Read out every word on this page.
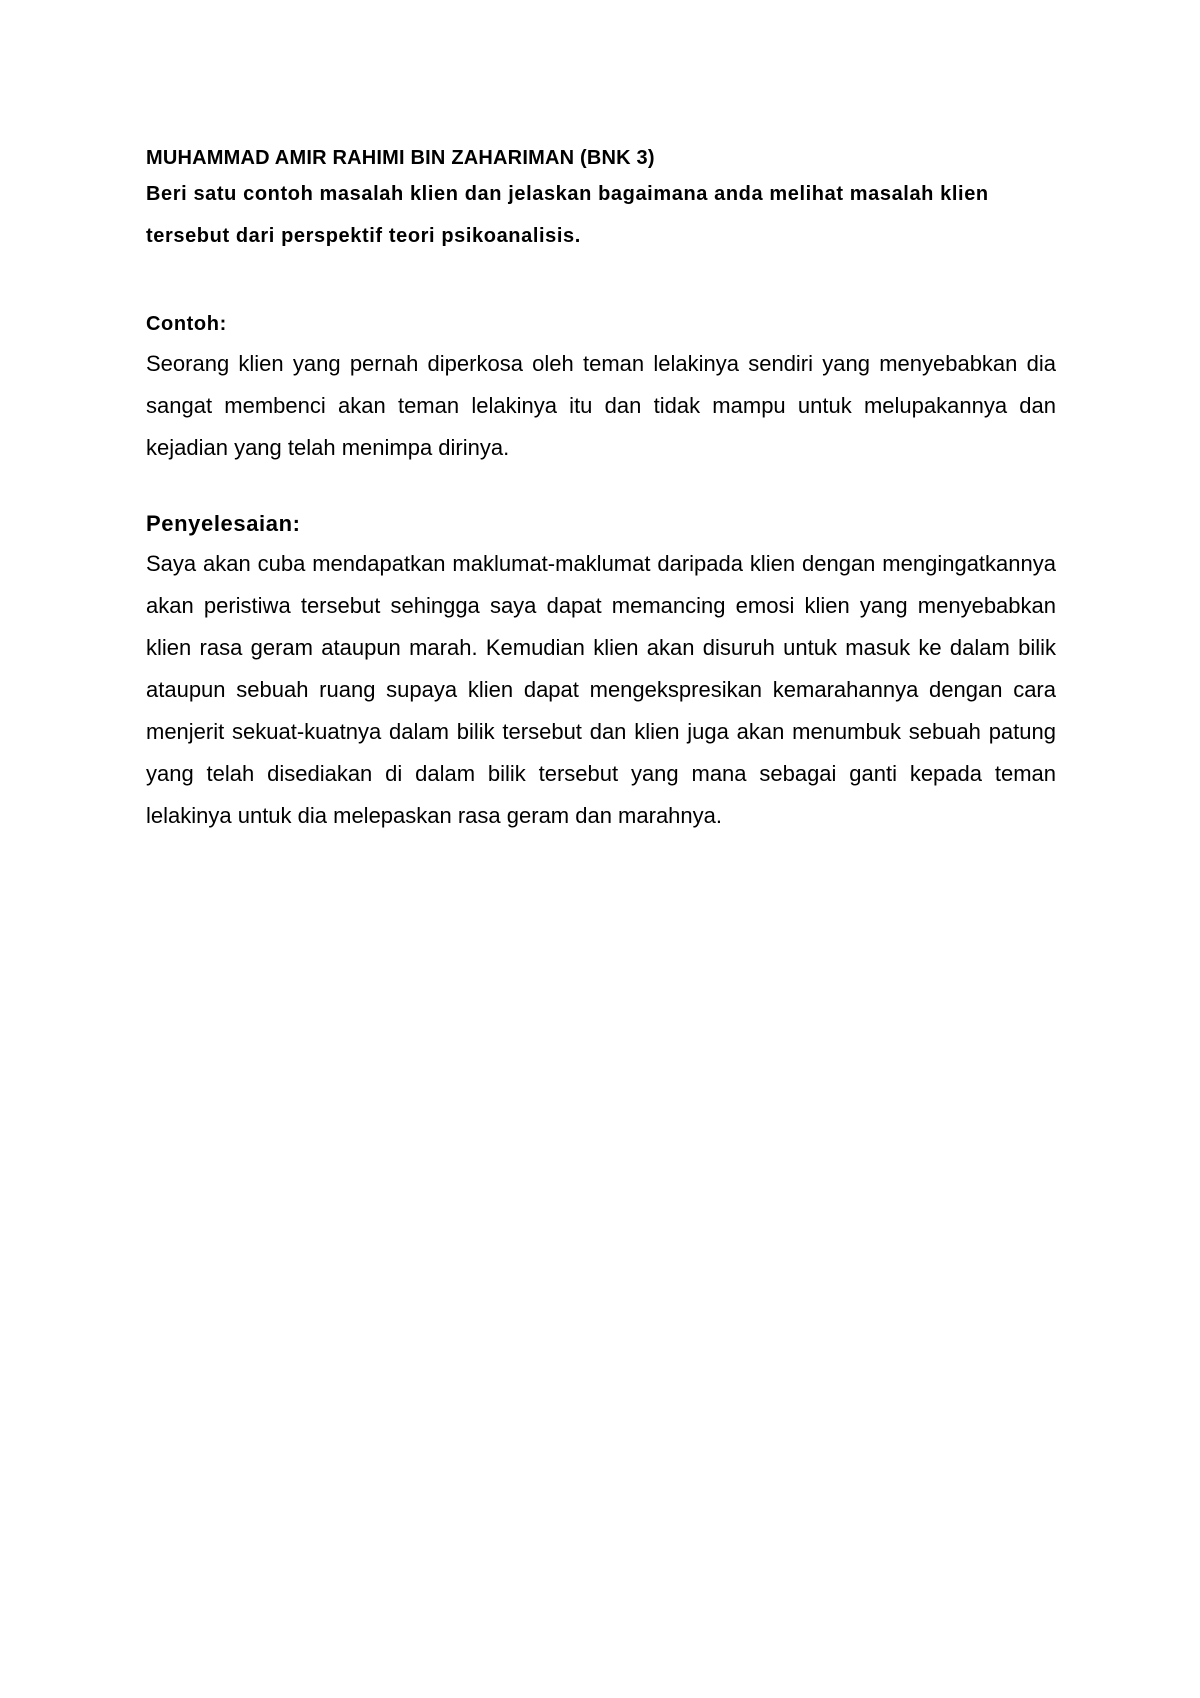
MUHAMMAD AMIR RAHIMI BIN ZAHARIMAN (BNK 3)

Beri satu contoh masalah klien dan jelaskan bagaimana anda melihat masalah klien tersebut dari perspektif teori psikoanalisis.

Contoh:

Seorang klien yang pernah diperkosa oleh teman lelakinya sendiri yang menyebabkan dia sangat membenci akan teman lelakinya itu dan tidak mampu untuk melupakannya dan kejadian yang telah menimpa dirinya.

Penyelesaian:

Saya akan cuba mendapatkan maklumat-maklumat daripada klien dengan mengingatkannya akan peristiwa tersebut sehingga saya dapat memancing emosi klien yang menyebabkan klien rasa geram ataupun marah. Kemudian klien akan disuruh untuk masuk ke dalam bilik ataupun sebuah ruang supaya klien dapat mengekspresikan kemarahannya dengan cara menjerit sekuat-kuatnya dalam bilik tersebut dan klien juga akan menumbuk sebuah patung yang telah disediakan di dalam bilik tersebut yang mana sebagai ganti kepada teman lelakinya untuk dia melepaskan rasa geram dan marahnya.
